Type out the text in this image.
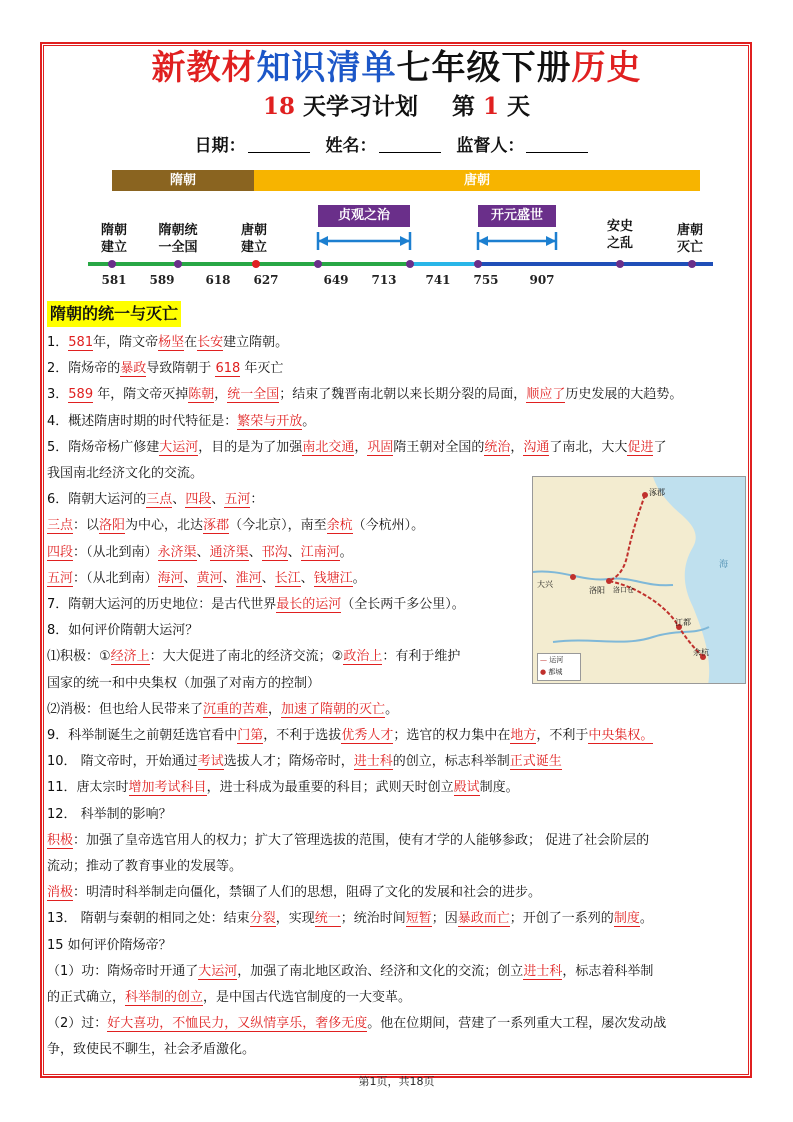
新教材知识清单七年级下册历史
18 天学习计划 第 1 天
日期：	姓名：	监督人：
隋朝	唐朝
隋朝
建立
隋朝统
一全国
唐朝
建立
安史
之乱
唐朝
灭亡
贞观之治	开元盛世
581	589	618	627	649	713	741	755	907
隋朝的统一与灭亡

1．581年，隋文帝杨坚在长安建立隋朝。

2．隋炀帝的暴政导致隋朝于 618 年灭亡

3．589 年，隋文帝灭掉陈朝，统一全国；结束了魏晋南北朝以来长期分裂的局面，顺应了历史发展的大趋势。

4．概述隋唐时期的时代特征是：繁荣与开放。

5．隋炀帝杨广修建大运河，目的是为了加强南北交通，巩固隋王朝对全国的统治，沟通了南北，大大促进了

我国南北经济文化的交流。

6．隋朝大运河的三点、四段、五河：

三点：以洛阳为中心，北达涿郡（今北京），南至余杭（今杭州）。

四段：（从北到南）永济渠、通济渠、邗沟、江南河。

五河：（从北到南）海河、黄河、淮河、长江、钱塘江。

7．隋朝大运河的历史地位：是古代世界最长的运河（全长两千多公里）。

8．如何评价隋朝大运河？

⑴积极：①经济上：大大促进了南北的经济交流；②政治上：有利于维护

国家的统一和中央集权（加强了对南方的控制）

⑵消极：但也给人民带来了沉重的苦难，加速了隋朝的灭亡。

9．科举制诞生之前朝廷选官看中门第，不利于选拔优秀人才；选官的权力集中在地方，不利于中央集权。

10． 隋文帝时，开始通过考试选拔人才；隋炀帝时，进士科的创立，标志科举制正式诞生

11．唐太宗时增加考试科目，进士科成为最重要的科目；武则天时创立殿试制度。

12． 科举制的影响？

积极：加强了皇帝选官用人的权力；扩大了管理选拔的范围，使有才学的人能够参政； 促进了社会阶层的

流动；推动了教育事业的发展等。

消极：明清时科举制走向僵化，禁锢了人们的思想，阻碍了文化的发展和社会的进步。

13． 隋朝与秦朝的相同之处：结束分裂，实现统一；统治时间短暂；因暴政而亡；开创了一系列的制度。

15 如何评价隋炀帝？

（1）功：隋炀帝时开通了大运河，加强了南北地区政治、经济和文化的交流；创立进士科，标志着科举制

的正式确立，科举制的创立，是中国古代选官制度的一大变革。

（2）过：好大喜功，不恤民力，又纵情享乐，奢侈无度。他在位期间，营建了一系列重大工程，屡次发动战

争，致使民不聊生，社会矛盾激化。

涿郡
大兴
洛阳 洛口仓
江都
余杭
海
— 运河
● 都城
第1页，共18页
